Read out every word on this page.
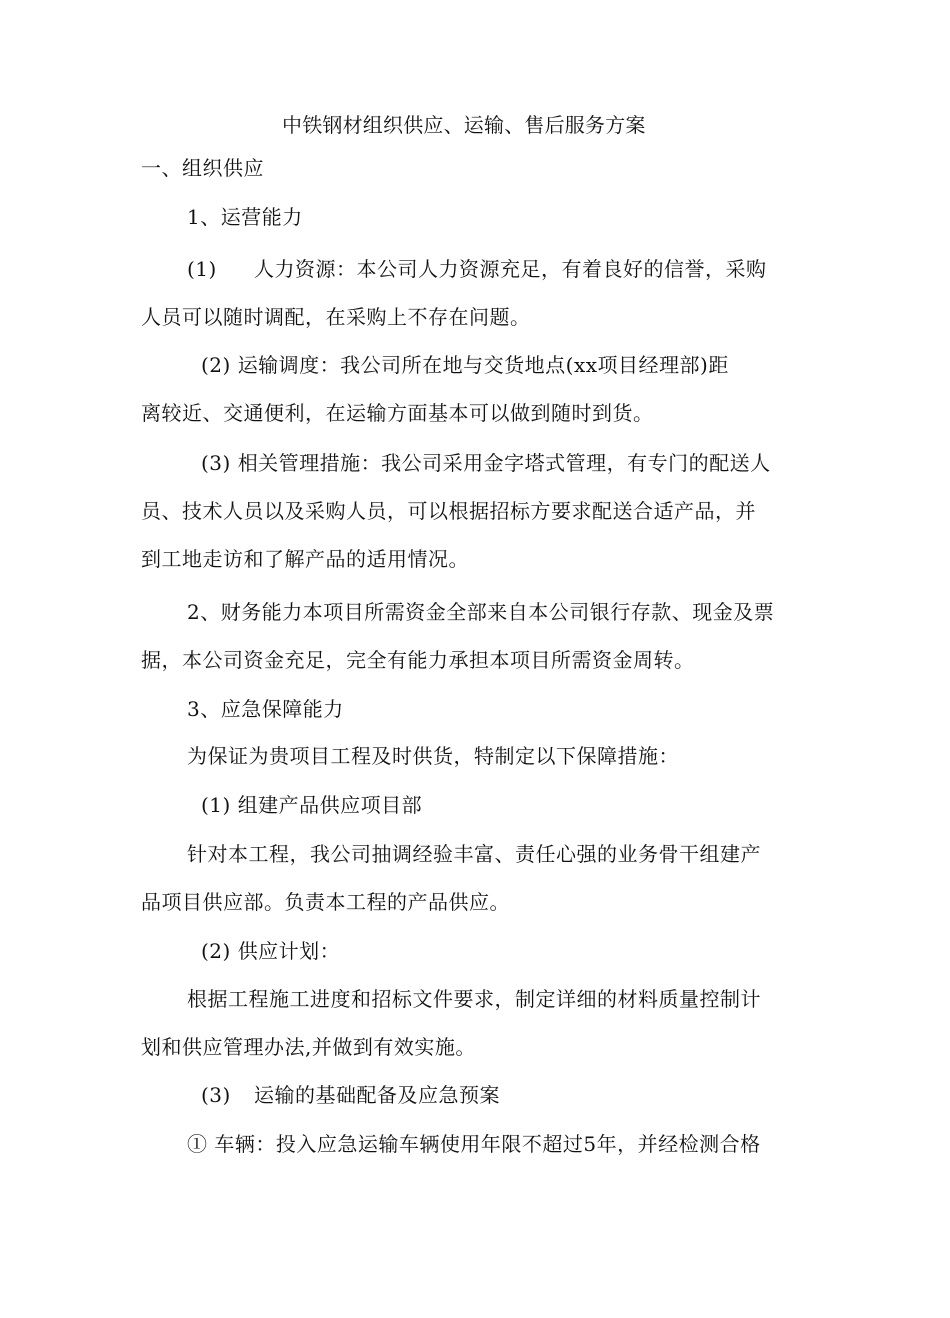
中铁钢材组织供应、运输、售后服务方案
一、组织供应
1、运营能力
(1) 人力资源：本公司人力资源充足，有着良好的信誉，采购
人员可以随时调配，在采购上不存在问题。
(2) 运输调度：我公司所在地与交货地点(xx项目经理部)距
离较近、交通便利，在运输方面基本可以做到随时到货。
(3) 相关管理措施：我公司采用金字塔式管理，有专门的配送人
员、技术人员以及采购人员，可以根据招标方要求配送合适产品，并
到工地走访和了解产品的适用情况。
2、财务能力本项目所需资金全部来自本公司银行存款、现金及票
据，本公司资金充足，完全有能力承担本项目所需资金周转。
3、应急保障能力
为保证为贵项目工程及时供货，特制定以下保障措施：
(1) 组建产品供应项目部
针对本工程，我公司抽调经验丰富、责任心强的业务骨干组建产
品项目供应部。负责本工程的产品供应。
(2) 供应计划：
根据工程施工进度和招标文件要求，制定详细的材料质量控制计
划和供应管理办法,并做到有效实施。
(3) 运输的基础配备及应急预案
① 车辆：投入应急运输车辆使用年限不超过5年，并经检测合格
